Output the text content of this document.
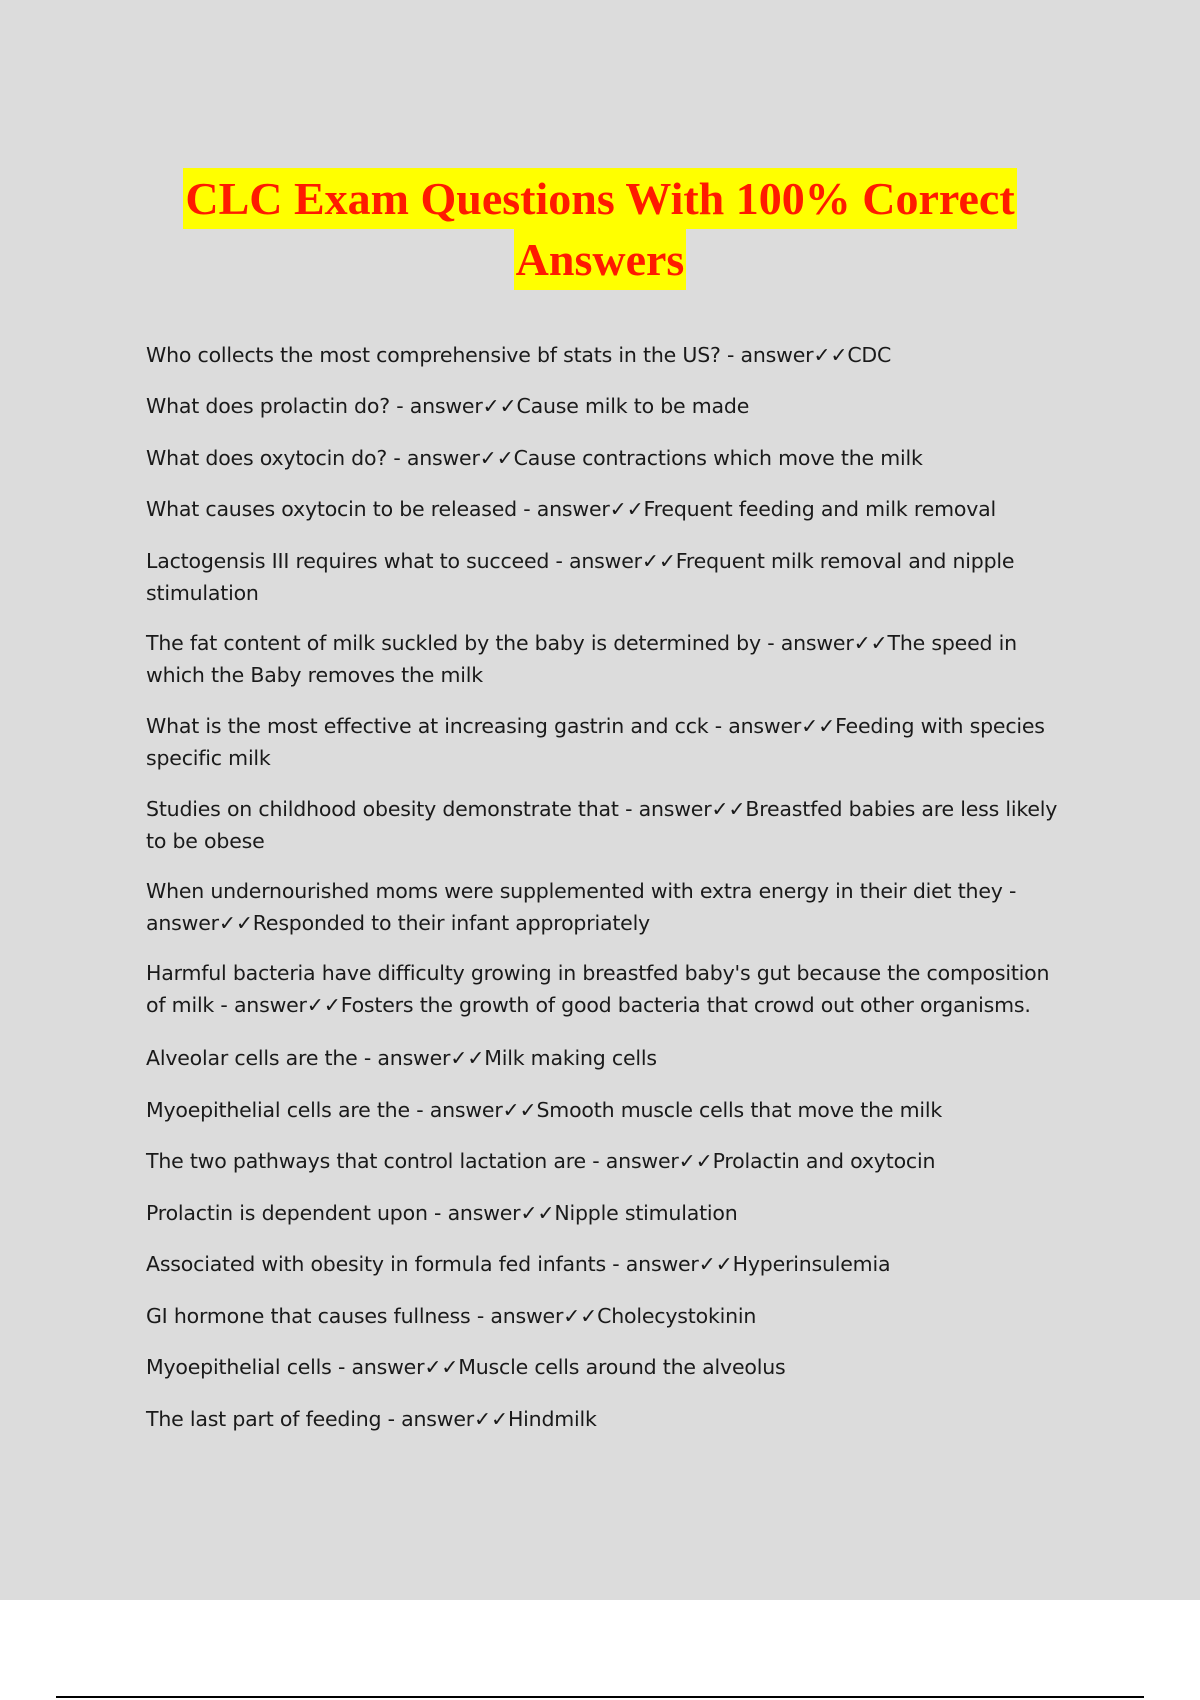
CLC Exam Questions With 100% Correct
Answers
Who collects the most comprehensive bf stats in the US? - answer✓✓CDC
What does prolactin do? - answer✓✓Cause milk to be made
What does oxytocin do? - answer✓✓Cause contractions which move the milk
What causes oxytocin to be released - answer✓✓Frequent feeding and milk removal
Lactogensis III requires what to succeed - answer✓✓Frequent milk removal and nipple stimulation
The fat content of milk suckled by the baby is determined by - answer✓✓The speed in which the Baby removes the milk
What is the most effective at increasing gastrin and cck - answer✓✓Feeding with species specific milk
Studies on childhood obesity demonstrate that - answer✓✓Breastfed babies are less likely to be obese
When undernourished moms were supplemented with extra energy in their diet they - answer✓✓Responded to their infant appropriately
Harmful bacteria have difficulty growing in breastfed baby's gut because the composition of milk - answer✓✓Fosters the growth of good bacteria that crowd out other organisms.
Alveolar cells are the - answer✓✓Milk making cells
Myoepithelial cells are the - answer✓✓Smooth muscle cells that move the milk
The two pathways that control lactation are - answer✓✓Prolactin and oxytocin
Prolactin is dependent upon - answer✓✓Nipple stimulation
Associated with obesity in formula fed infants - answer✓✓Hyperinsulemia
GI hormone that causes fullness - answer✓✓Cholecystokinin
Myoepithelial cells - answer✓✓Muscle cells around the alveolus
The last part of feeding - answer✓✓Hindmilk
